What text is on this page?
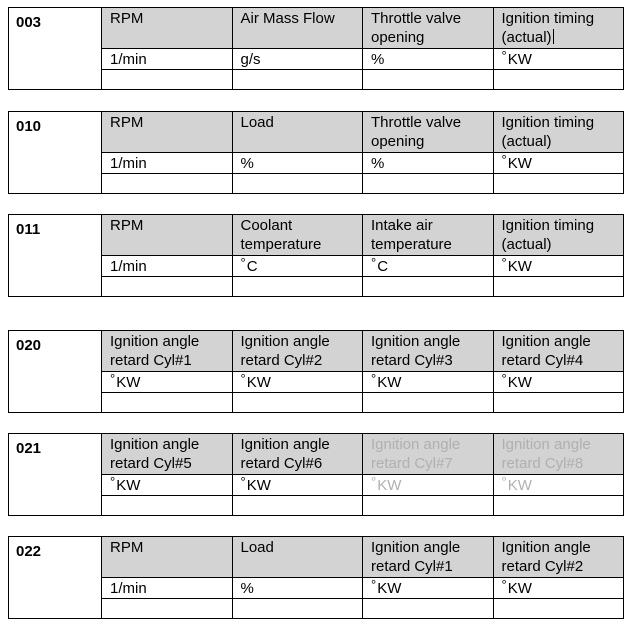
003	RPM	Air Mass Flow	Throttle valve opening	Ignition timing (actual)
	1/min	g/s	%	°KW

010	RPM	Load	Throttle valve opening	Ignition timing (actual)
	1/min	%	%	°KW

011	RPM	Coolant temperature	Intake air temperature	Ignition timing (actual)
	1/min	°C	°C	°KW

020	Ignition angle retard Cyl#1	Ignition angle retard Cyl#2	Ignition angle retard Cyl#3	Ignition angle retard Cyl#4
	°KW	°KW	°KW	°KW

021	Ignition angle retard Cyl#5	Ignition angle retard Cyl#6	Ignition angle retard Cyl#7	Ignition angle retard Cyl#8
	°KW	°KW	°KW	°KW

022	RPM	Load	Ignition angle retard Cyl#1	Ignition angle retard Cyl#2
	1/min	%	°KW	°KW
